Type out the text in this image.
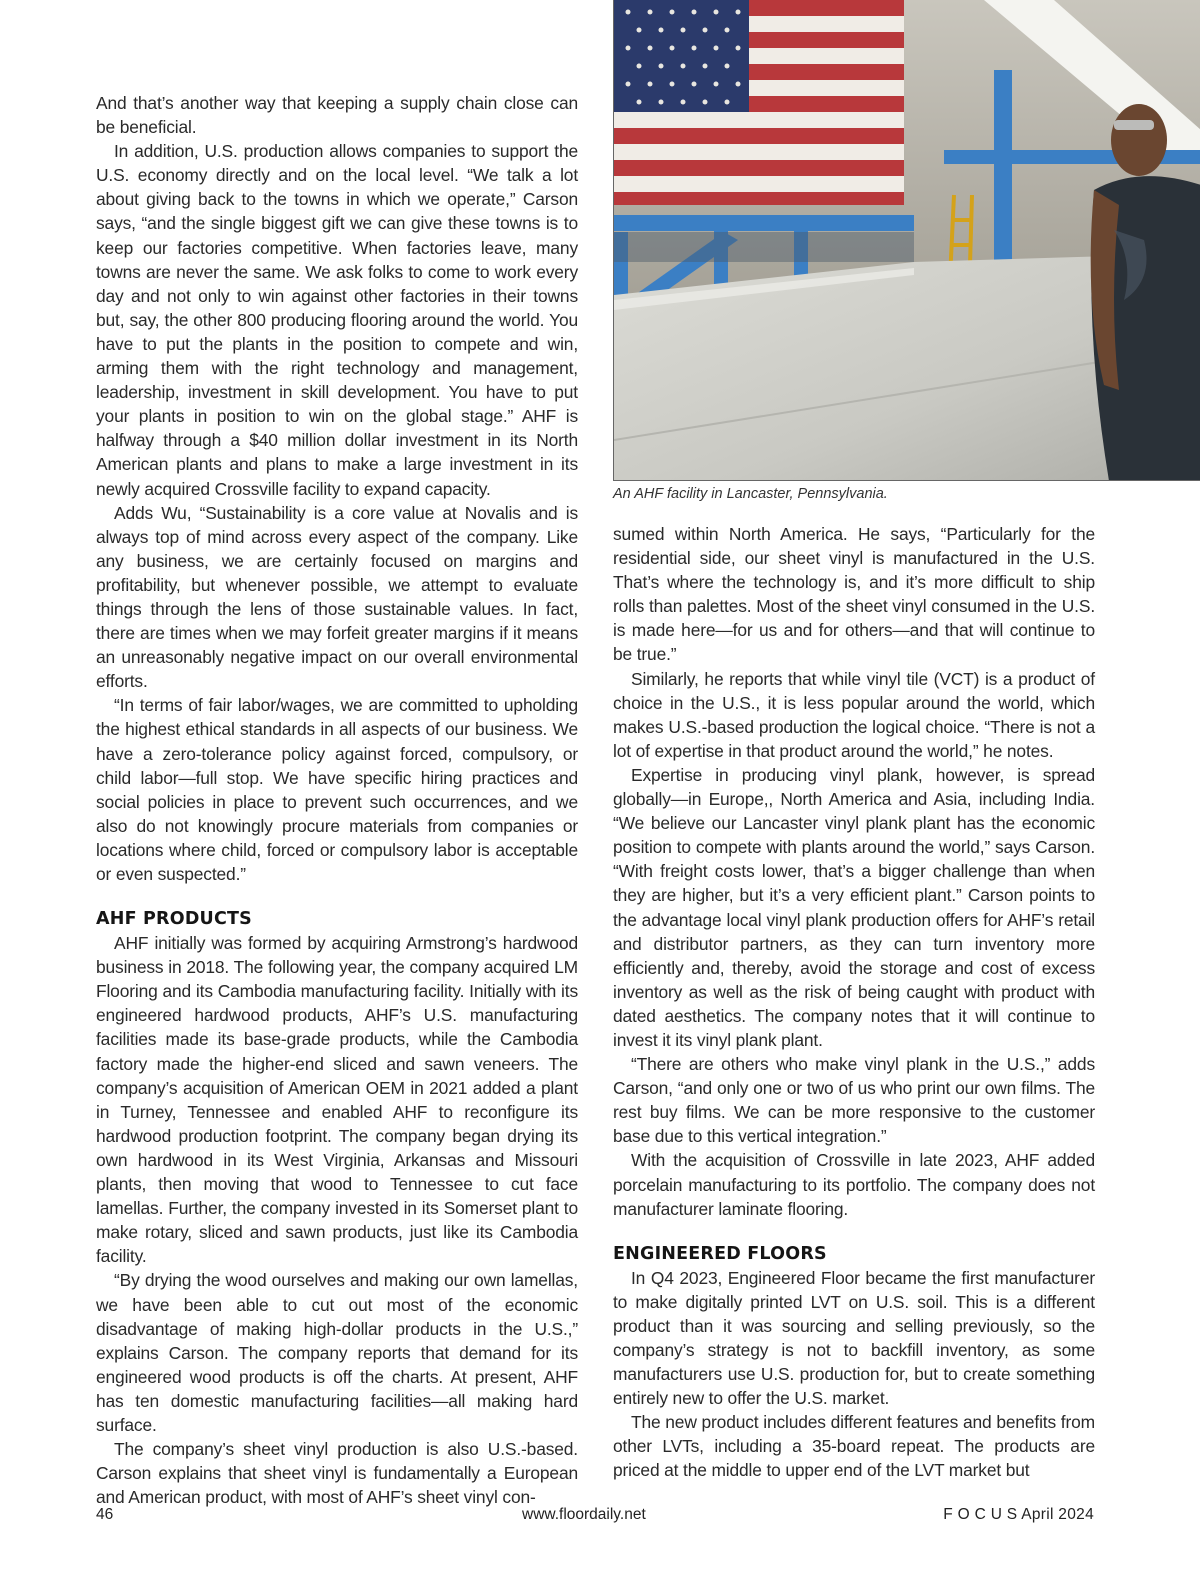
And that’s another way that keeping a supply chain close can be beneficial.

In addition, U.S. production allows companies to support the U.S. economy directly and on the local level. “We talk a lot about giving back to the towns in which we operate,” Carson says, “and the single biggest gift we can give these towns is to keep our factories competitive. When factories leave, many towns are never the same. We ask folks to come to work every day and not only to win against other factories in their towns but, say, the other 800 producing flooring around the world. You have to put the plants in the position to compete and win, arming them with the right technology and management, leadership, investment in skill development. You have to put your plants in position to win on the global stage.” AHF is halfway through a $40 million dollar investment in its North American plants and plans to make a large investment in its newly acquired Crossville facility to expand capacity.

Adds Wu, “Sustainability is a core value at Novalis and is always top of mind across every aspect of the company. Like any business, we are certainly focused on margins and profitability, but whenever possible, we attempt to evaluate things through the lens of those sustainable values. In fact, there are times when we may forfeit greater margins if it means an unreasonably negative impact on our overall environmental efforts.

“In terms of fair labor/wages, we are committed to upholding the highest ethical standards in all aspects of our business. We have a zero-tolerance policy against forced, compulsory, or child labor—full stop. We have specific hiring practices and social policies in place to prevent such occurrences, and we also do not knowingly procure materials from companies or locations where child, forced or compulsory labor is acceptable or even suspected.”

AHF PRODUCTS

AHF initially was formed by acquiring Armstrong’s hardwood business in 2018. The following year, the company acquired LM Flooring and its Cambodia manufacturing facility. Initially with its engineered hardwood products, AHF’s U.S. manufacturing facilities made its base-grade products, while the Cambodia factory made the higher-end sliced and sawn veneers. The company’s acquisition of American OEM in 2021 added a plant in Turney, Tennessee and enabled AHF to reconfigure its hardwood production footprint. The company began drying its own hardwood in its West Virginia, Arkansas and Missouri plants, then moving that wood to Tennessee to cut face lamellas. Further, the company invested in its Somerset plant to make rotary, sliced and sawn products, just like its Cambodia facility.

“By drying the wood ourselves and making our own lamellas, we have been able to cut out most of the economic disadvantage of making high-dollar products in the U.S.,” explains Carson. The company reports that demand for its engineered wood products is off the charts. At present, AHF has ten domestic manufacturing facilities—all making hard surface.

The company’s sheet vinyl production is also U.S.-based. Carson explains that sheet vinyl is fundamentally a European and American product, with most of AHF’s sheet vinyl con-

An AHF facility in Lancaster, Pennsylvania.

sumed within North America. He says, “Particularly for the residential side, our sheet vinyl is manufactured in the U.S. That’s where the technology is, and it’s more difficult to ship rolls than palettes. Most of the sheet vinyl consumed in the U.S. is made here—for us and for others—and that will continue to be true.”

Similarly, he reports that while vinyl tile (VCT) is a product of choice in the U.S., it is less popular around the world, which makes U.S.-based production the logical choice. “There is not a lot of expertise in that product around the world,” he notes.

Expertise in producing vinyl plank, however, is spread globally—in Europe,, North America and Asia, including India. “We believe our Lancaster vinyl plank plant has the economic position to compete with plants around the world,” says Carson. “With freight costs lower, that’s a bigger challenge than when they are higher, but it’s a very efficient plant.” Carson points to the advantage local vinyl plank production offers for AHF’s retail and distributor partners, as they can turn inventory more efficiently and, thereby, avoid the storage and cost of excess inventory as well as the risk of being caught with product with dated aesthetics. The company notes that it will continue to invest it its vinyl plank plant.

“There are others who make vinyl plank in the U.S.,” adds Carson, “and only one or two of us who print our own films. The rest buy films. We can be more responsive to the customer base due to this vertical integration.”

With the acquisition of Crossville in late 2023, AHF added porcelain manufacturing to its portfolio. The company does not manufacturer laminate flooring.

ENGINEERED FLOORS

In Q4 2023, Engineered Floor became the first manufacturer to make digitally printed LVT on U.S. soil. This is a different product than it was sourcing and selling previously, so the company’s strategy is not to backfill inventory, as some manufacturers use U.S. production for, but to create something entirely new to offer the U.S. market.

The new product includes different features and benefits from other LVTs, including a 35-board repeat. The products are priced at the middle to upper end of the LVT market but

46	www.floordaily.net	F O C U S April 2024
